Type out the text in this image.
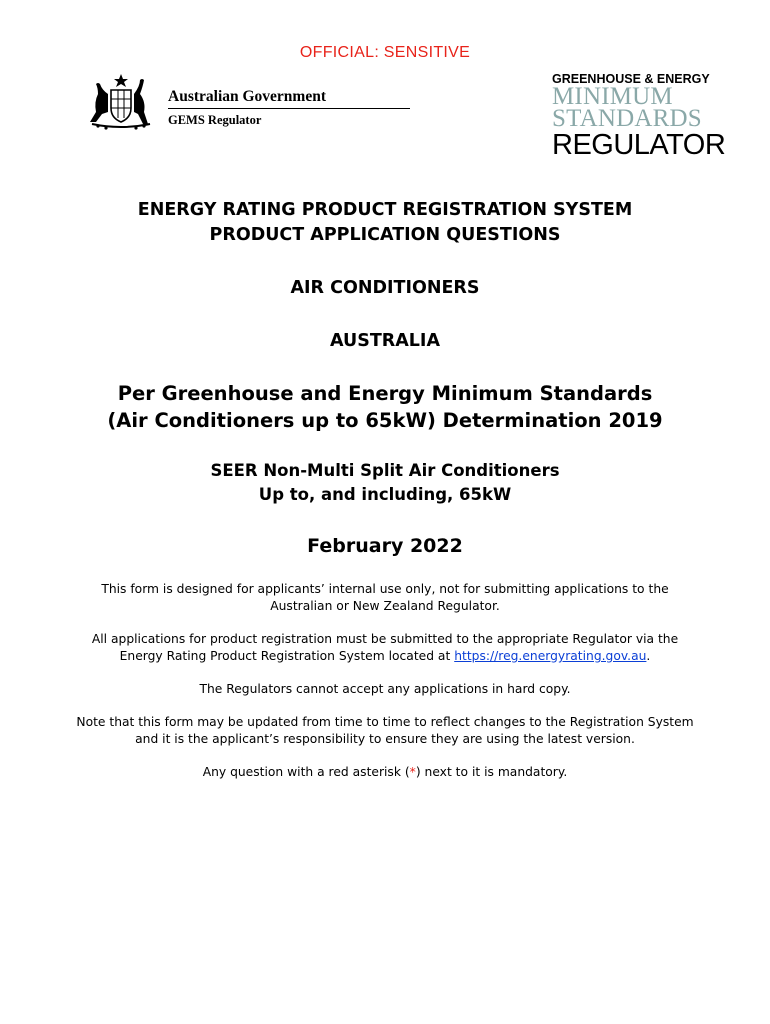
OFFICIAL: SENSITIVE
Australian Government
GEMS Regulator
GREENHOUSE & ENERGY
MINIMUM
STANDARDS
REGULATOR
ENERGY RATING PRODUCT REGISTRATION SYSTEM
PRODUCT APPLICATION QUESTIONS
AIR CONDITIONERS
AUSTRALIA
Per Greenhouse and Energy Minimum Standards
(Air Conditioners up to 65kW) Determination 2019
SEER Non-Multi Split Air Conditioners
Up to, and including, 65kW
February 2022
This form is designed for applicants’ internal use only, not for submitting applications to the
Australian or New Zealand Regulator.
All applications for product registration must be submitted to the appropriate Regulator via the
Energy Rating Product Registration System located at https://reg.energyrating.gov.au.
The Regulators cannot accept any applications in hard copy.
Note that this form may be updated from time to time to reflect changes to the Registration System
and it is the applicant’s responsibility to ensure they are using the latest version.
Any question with a red asterisk (*) next to it is mandatory.
